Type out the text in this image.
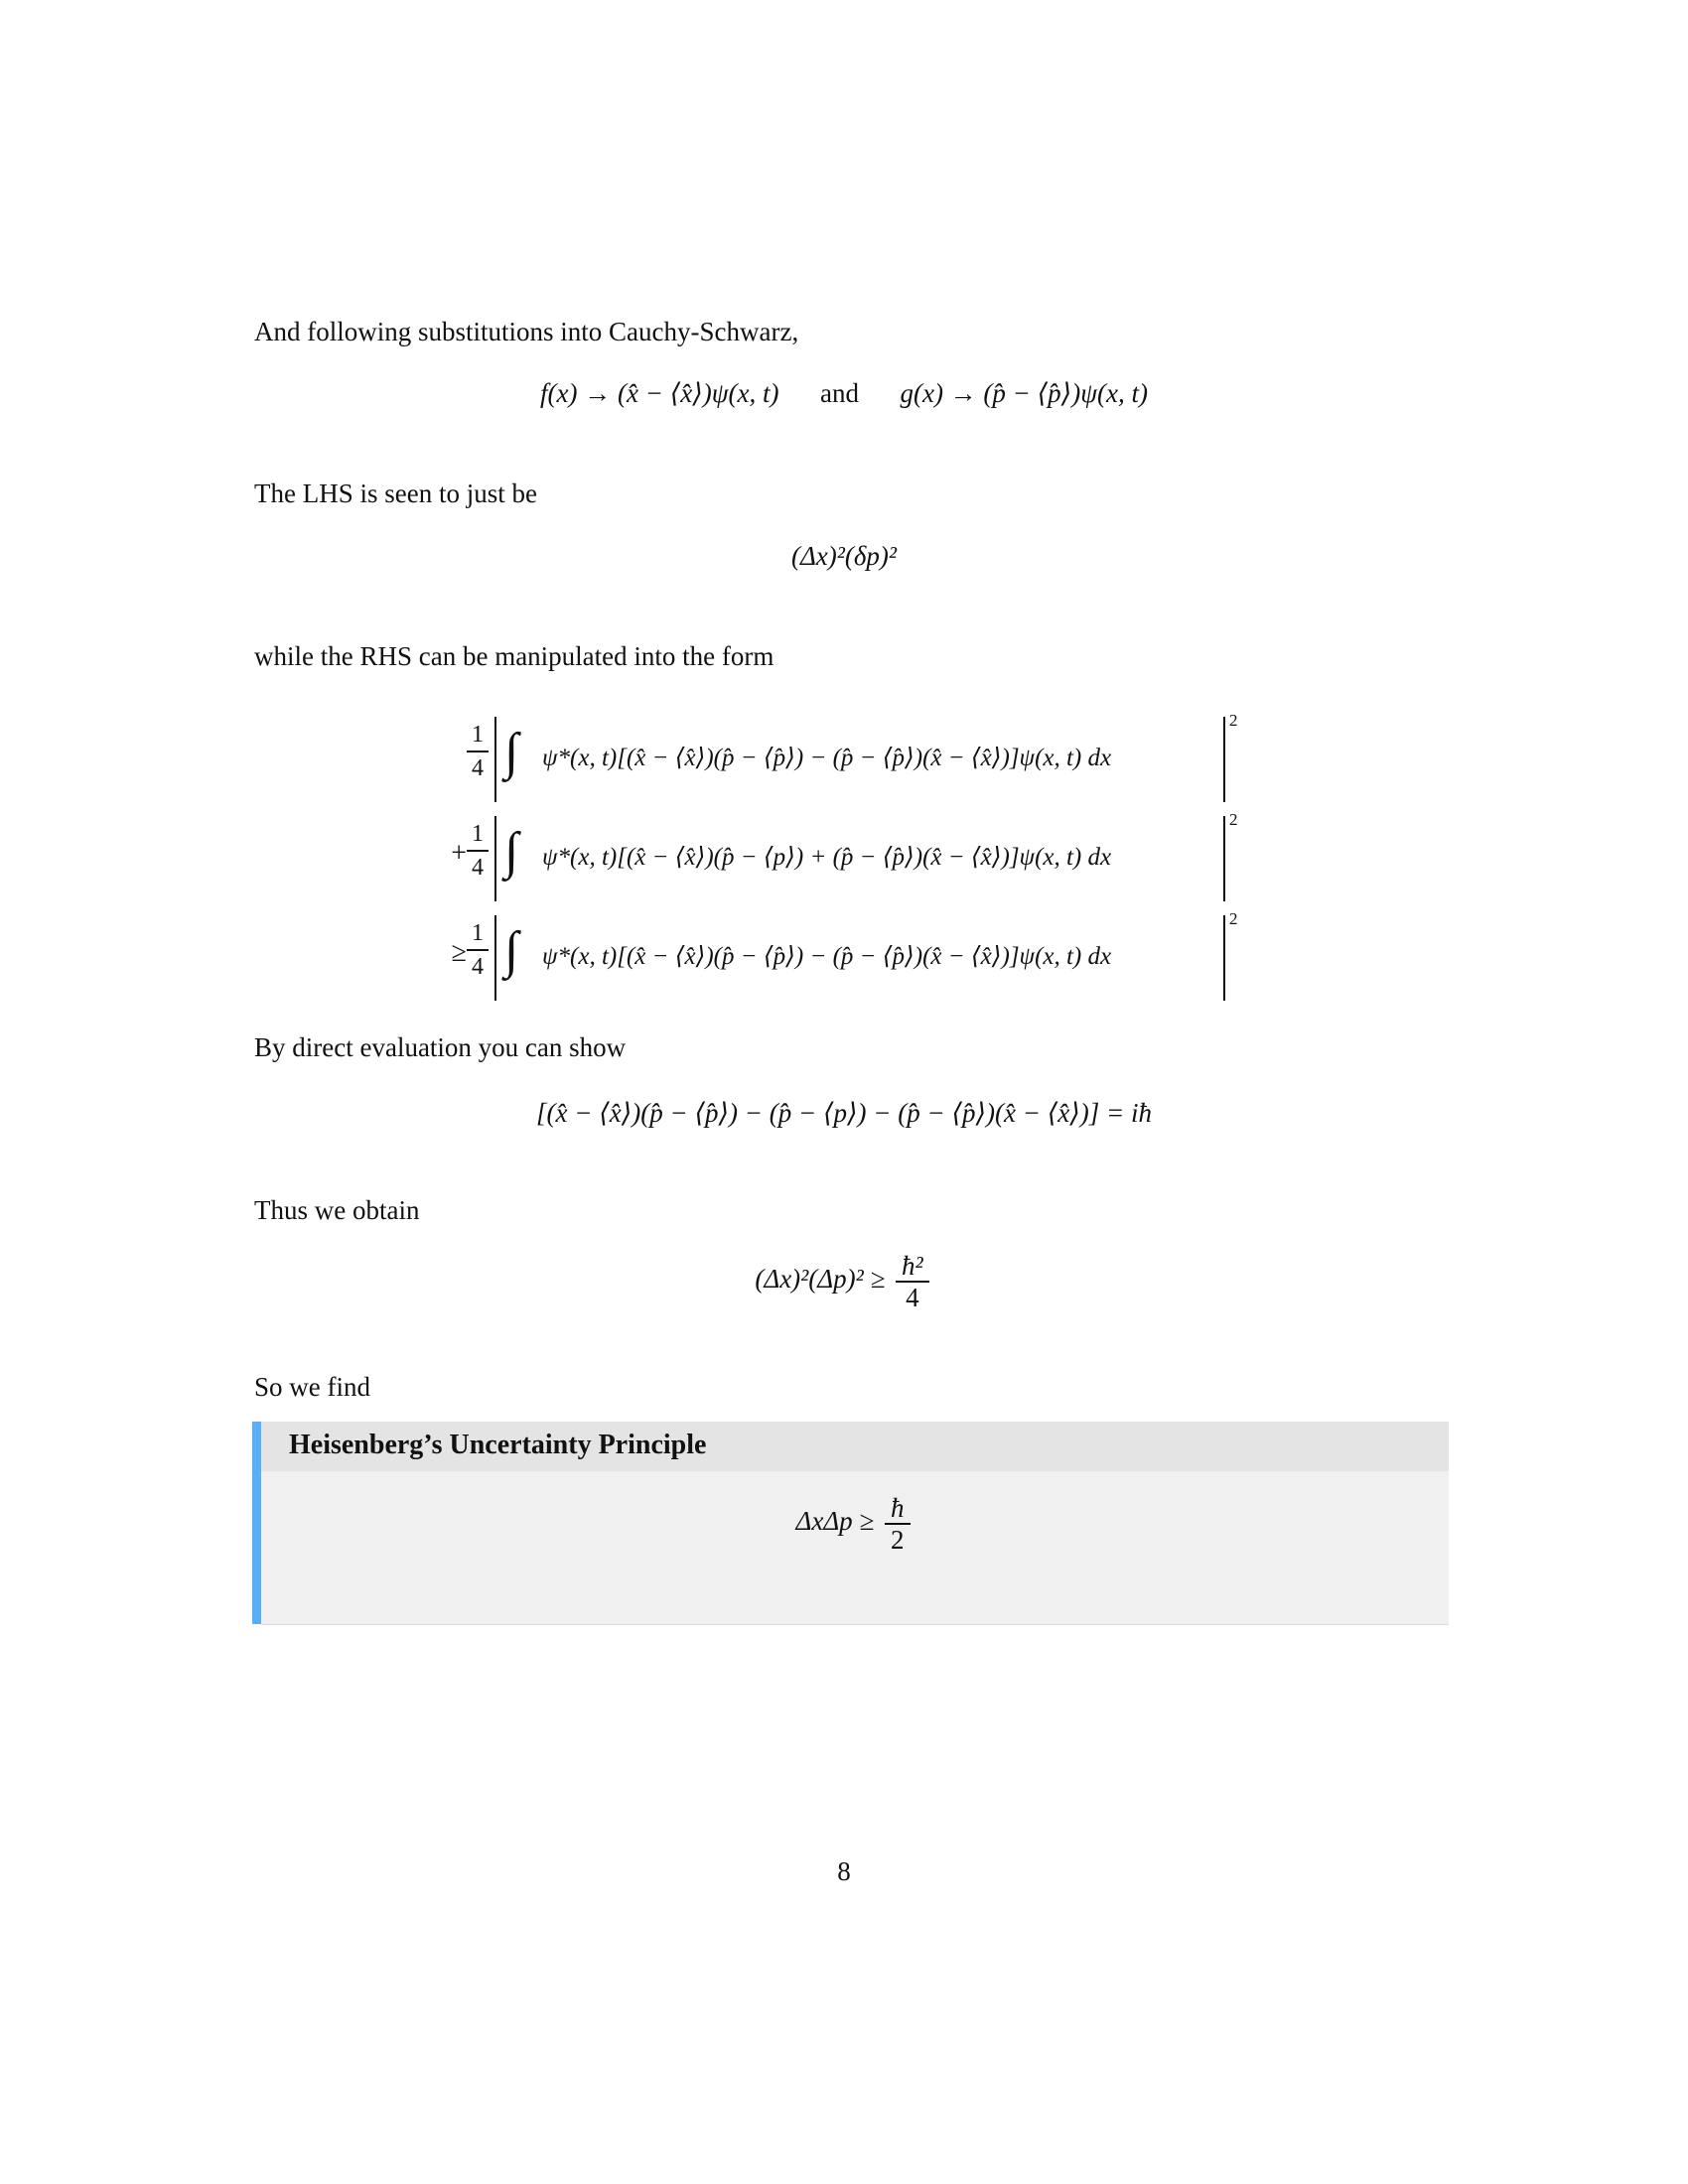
And following substitutions into Cauchy-Schwarz,
f(x) → (x̂ − ⟨x̂⟩)ψ(x, t) and g(x) → (p̂ − ⟨p̂⟩)ψ(x, t)
The LHS is seen to just be
(Δx)²(δp)²
while the RHS can be manipulated into the form
1
4 ∫ ψ*(x, t)[(x̂ − ⟨x̂⟩)(p̂ − ⟨p̂⟩) − (p̂ − ⟨p̂⟩)(x̂ − ⟨x̂⟩)]ψ(x, t) dx
2
+
1
4 ∫ ψ*(x, t)[(x̂ − ⟨x̂⟩)(p̂ − ⟨p⟩) + (p̂ − ⟨p̂⟩)(x̂ − ⟨x̂⟩)]ψ(x, t) dx
2
≥
1
4 ∫ ψ*(x, t)[(x̂ − ⟨x̂⟩)(p̂ − ⟨p̂⟩) − (p̂ − ⟨p̂⟩)(x̂ − ⟨x̂⟩)]ψ(x, t) dx
2
By direct evaluation you can show
[(x̂ − ⟨x̂⟩)(p̂ − ⟨p̂⟩) − (p̂ − ⟨p⟩) − (p̂ − ⟨p̂⟩)(x̂ − ⟨x̂⟩)] = iħ
Thus we obtain
$(\Delta x)^2(\Delta p)^2 \ge \frac{\text{ħ²}}{4}$
So we find
Heisenberg’s Uncertainty Principle
$\Delta x\Delta p \ge \frac{ħ}{2}$
8
